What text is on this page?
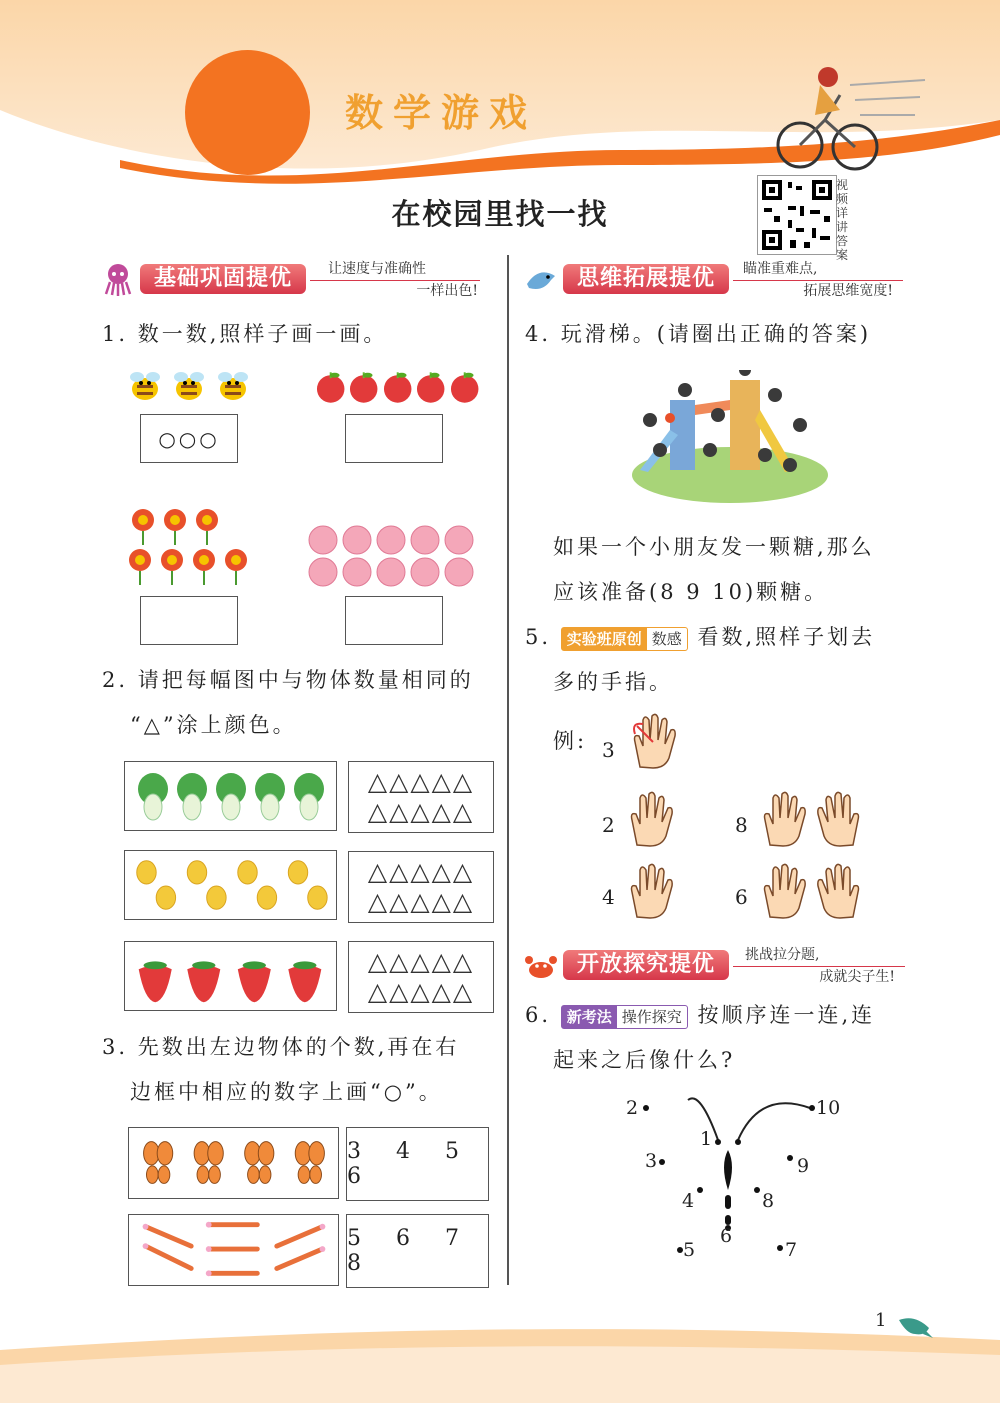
数学游戏
在校园里找一找
视频详讲答案
基础巩固提优	让速度与准确性
一样出色!
1. 数一数,照样子画一画。
○○○
2. 请把每幅图中与物体数量相同的
“△”涂上颜色。
△△△△△
△△△△△
△△△△△
△△△△△
△△△△△
△△△△△
3. 先数出左边物体的个数,再在右
边框中相应的数字上画“○”。
3 4 5 6
5 6 7 8
思维拓展提优	瞄准重难点,
拓展思维宽度!
4. 玩滑梯。(请圈出正确的答案)
如果一个小朋友发一颗糖,那么
应该准备(8 9 10)颗糖。
5. 实验班原创 数感 看数,照样子划去
多的手指。
例: 3
2	8
4	6
开放探究提优	挑战拉分题,
成就尖子生!
6. 新考法 操作探究 按顺序连一连,连
起来之后像什么?
1
2
3
4
5
6
7
8
9
10
1
